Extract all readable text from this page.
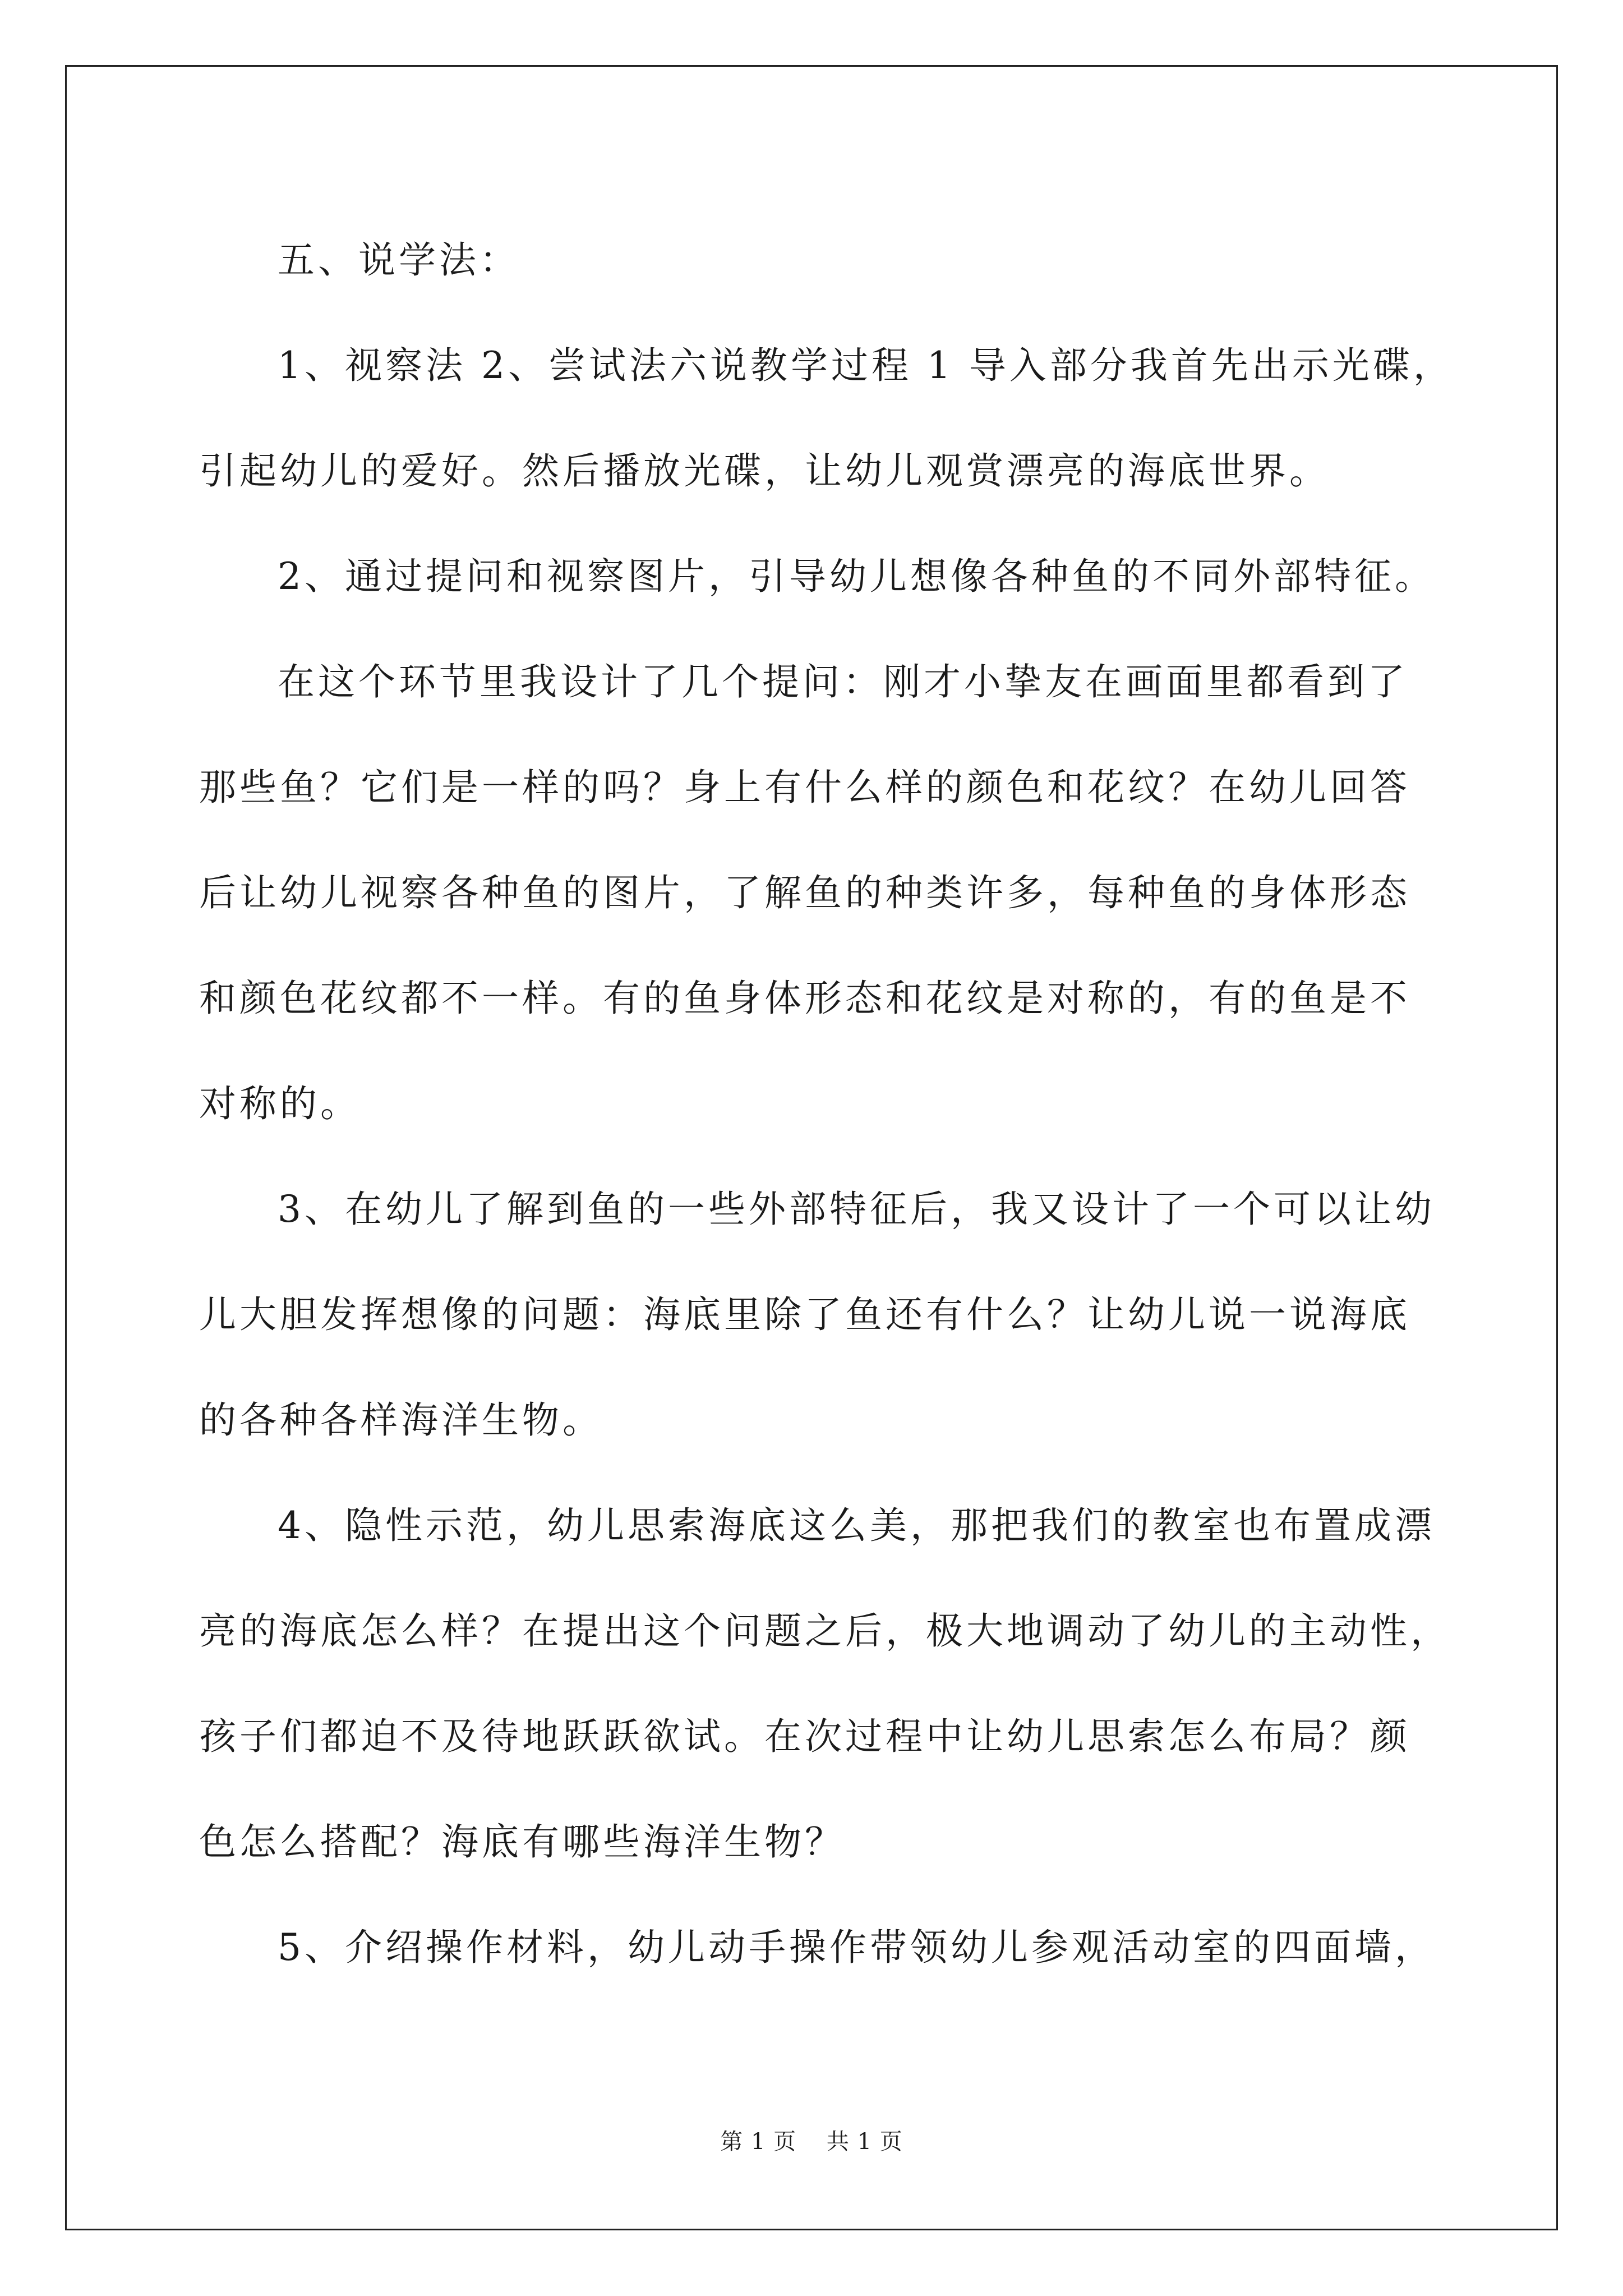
五、说学法：
1、视察法 2、尝试法六说教学过程 1 导入部分我首先出示光碟，
引起幼儿的爱好。然后播放光碟，让幼儿观赏漂亮的海底世界。
2、通过提问和视察图片，引导幼儿想像各种鱼的不同外部特征。
在这个环节里我设计了几个提问：刚才小挚友在画面里都看到了
那些鱼？它们是一样的吗？身上有什么样的颜色和花纹？在幼儿回答
后让幼儿视察各种鱼的图片，了解鱼的种类许多，每种鱼的身体形态
和颜色花纹都不一样。有的鱼身体形态和花纹是对称的，有的鱼是不
对称的。
3、在幼儿了解到鱼的一些外部特征后，我又设计了一个可以让幼
儿大胆发挥想像的问题：海底里除了鱼还有什么？让幼儿说一说海底
的各种各样海洋生物。
4、隐性示范，幼儿思索海底这么美，那把我们的教室也布置成漂
亮的海底怎么样？在提出这个问题之后，极大地调动了幼儿的主动性，
孩子们都迫不及待地跃跃欲试。在次过程中让幼儿思索怎么布局？颜
色怎么搭配？海底有哪些海洋生物？
5、介绍操作材料，幼儿动手操作带领幼儿参观活动室的四面墙，
第 1 页 共 1 页
